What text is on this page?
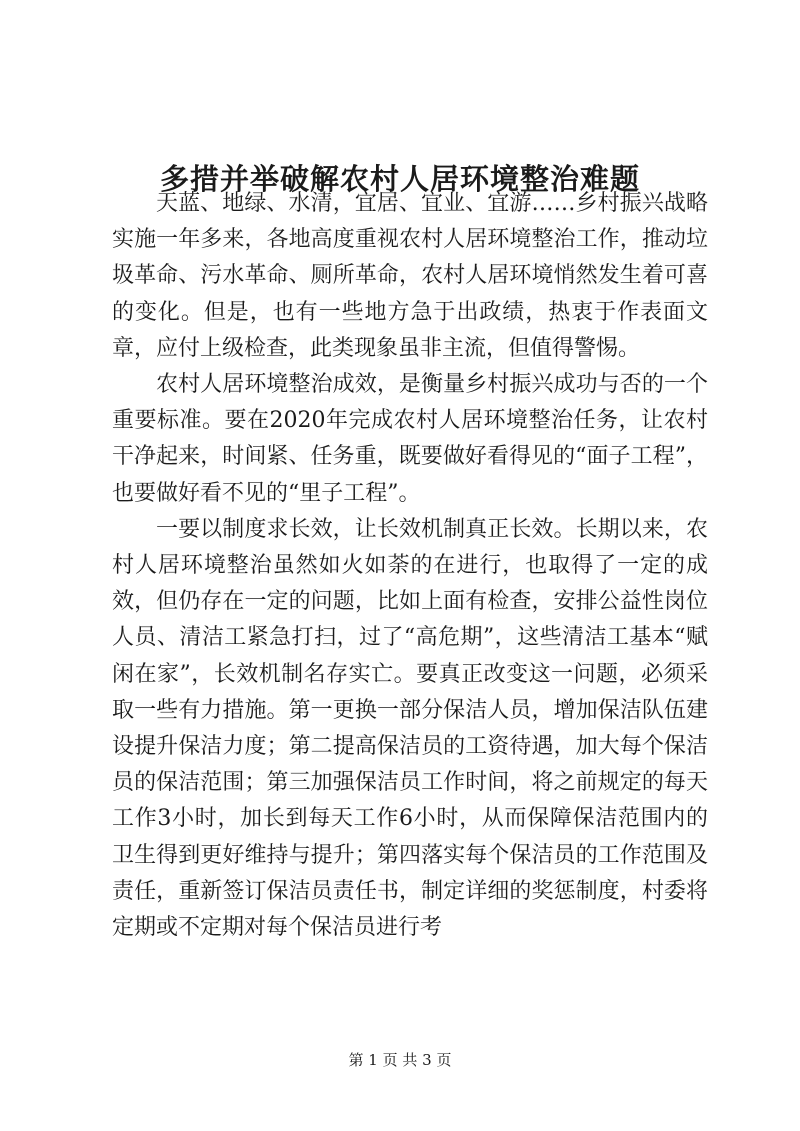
多措并举破解农村人居环境整治难题

天蓝、地绿、水清，宜居、宜业、宜游……乡村振兴战略实施一年多来，各地高度重视农村人居环境整治工作，推动垃圾革命、污水革命、厕所革命，农村人居环境悄然发生着可喜的变化。但是，也有一些地方急于出政绩，热衷于作表面文章，应付上级检查，此类现象虽非主流，但值得警惕。

农村人居环境整治成效，是衡量乡村振兴成功与否的一个重要标准。要在2020年完成农村人居环境整治任务，让农村干净起来，时间紧、任务重，既要做好看得见的“面子工程”，也要做好看不见的“里子工程”。

一要以制度求长效，让长效机制真正长效。长期以来，农村人居环境整治虽然如火如荼的在进行，也取得了一定的成效，但仍存在一定的问题，比如上面有检查，安排公益性岗位人员、清洁工紧急打扫，过了“高危期”，这些清洁工基本“赋闲在家”，长效机制名存实亡。要真正改变这一问题，必须采取一些有力措施。第一更换一部分保洁人员，增加保洁队伍建设提升保洁力度；第二提高保洁员的工资待遇，加大每个保洁员的保洁范围；第三加强保洁员工作时间，将之前规定的每天工作3小时，加长到每天工作6小时，从而保障保洁范围内的卫生得到更好维持与提升；第四落实每个保洁员的工作范围及责任，重新签订保洁员责任书，制定详细的奖惩制度，村委将定期或不定期对每个保洁员进行考

第 1 页 共 3 页
